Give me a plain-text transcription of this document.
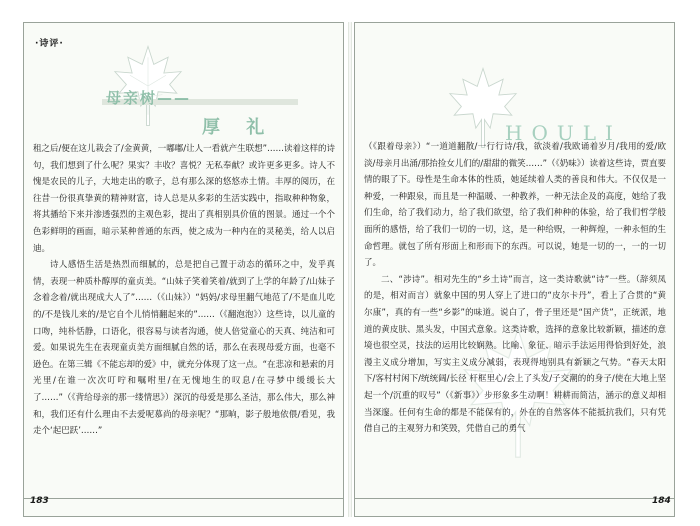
·诗评·
母亲树——
厚 礼

租之后/便在这儿栽会了/金黄黄，一嘟嘟/让人一看就产生联想”……读着这样的诗句，我们想到了什么呢？果实？丰收？喜悦？无私奉献？或许更多更多。诗人不愧是农民的儿子，大地走出的歌子，总有那么深的悠悠赤土情。丰厚的阅历，在往昔一份很真挚黄的精神财富，诗人总是从多彩的生活实践中，指取种种物象，将其播给下来并渗透强烈的主观色彩，提出了真相别具价值的图景。通过一个个色彩鲜明的画面，暗示某种普通的东西，使之成为一种内在的灵秘美，给人以启迪。

诗人感悟生活是热烈而细腻的，总是把自己置于动态的循环之中，发乎真情，表现一种质朴醇厚的童贞美。“山妹子笑着笑着/就到了上学的年龄了/山妹子念着念着/就出现成大人了”……（《山妹》）“妈妈/求母里翻气地范了/不是血儿吃的/不是钱儿来的/是它自个儿悄悄翻起来的”……（《翻泡泡》）这些诗，以儿童的口吻，纯朴恬静，口语化，很容易与读者沟通，使人倍觉童心的天真、纯洁和可爱。如果说先生在表现童贞美方面细腻自然的话，那么在表现母爱方面，也毫不逊色。在第三辑《不能忘却的爱》中，就充分体现了这一点。“在悲凉和悬索的月光里/在谁一次次叮咛和嘱咐里/在无愧地生的叹息/在寻梦中缓缓长大了……”（《背给母亲的那一缕情思》）深沉的母爱是那么圣洁，那么伟大，那么神和，我们还有什么理由不去爱呢慕尚的母亲呢？“那晌，影子般地依偎/看见，我走个‘起巴跃’……”

HOULI

（《跟着母亲》）“一道道翻散/一行行诗/我，欲淡着/我欧诵着岁月/我用的爱/欧淡/母亲月出涌/那抬捡女儿们的/甜甜的微笑……”（《奶味》）读着这些诗，贾直要情的眼了下。母性是生命本体的性质，她延续着人类的善良和伟大。不仅仅是一种爱，一种跟泉，而且是一种温暖、一种教养，一种无法企及的高度，她给了我们生命，给了我们动力，给了我们欲望，给了我们种种的体验，给了我们哲学般面所的感悟，给了我们一切的一切，这，是一种给贶，一种辉煌，一种永恒的生命哲理。就包了所有形面上和形而下的东西。可以说，她是一切的一，一的一切了。

二、“涉诗”。相对先生的“乡土诗”而言，这一类诗歌就“诗”一些。（辞须凤的是，相对而言）就象中国的男人穿上了进口的“皮尔卡丹”，看上了合贯的“黄尔康”，真的有一些“乡影”的味道。说白了，骨子里还是“国产货”，正统派，地道的黄皮肤、黑头发，中国式意象。这类诗歌，选择的意象比较新颖，描述的意境也很空灵，技法的运用比较娴熟。比喻、象征、暗示手法运用得恰到好处，浪漫主义成分增加，写实主义成分减弱，表现得地别具有新颖之气势。“春天太阳下/客村村闲下/统统阔/长径 杆框里心/会上了头发/子交潮的的身子/使在大地上坚起一个/沉重的叹号”（《新事》）步形象多生动啊！耕耕而简洁，涵示的意义却相当深邃。任何有生命的都是不能保有的，外在的自然客体不能抵抗我们，只有凭借自己的主观努力和笑毁，凭借自己的勇气

183	184
